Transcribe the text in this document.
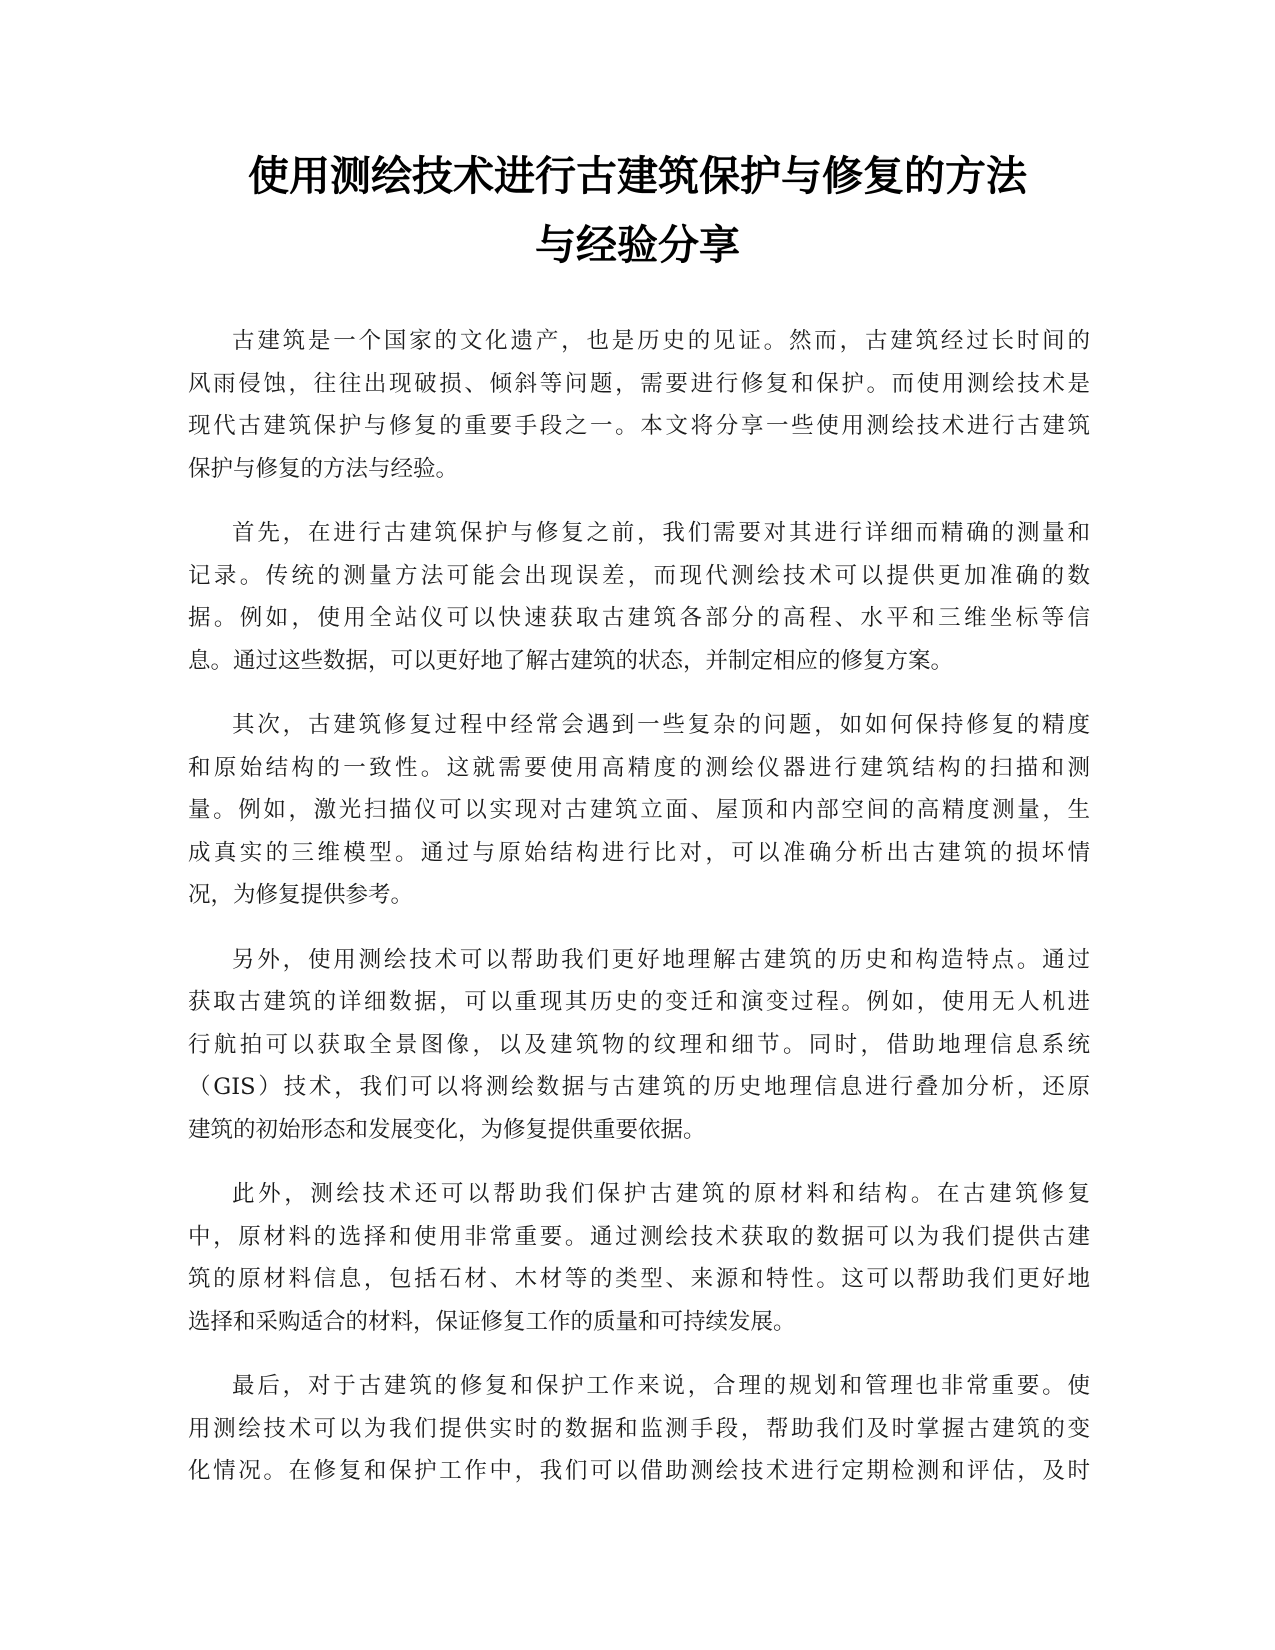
使用测绘技术进行古建筑保护与修复的方法
与经验分享

古建筑是一个国家的文化遗产，也是历史的见证。然而，古建筑经过长时间的
风雨侵蚀，往往出现破损、倾斜等问题，需要进行修复和保护。而使用测绘技术是
现代古建筑保护与修复的重要手段之一。本文将分享一些使用测绘技术进行古建筑
保护与修复的方法与经验。

首先，在进行古建筑保护与修复之前，我们需要对其进行详细而精确的测量和
记录。传统的测量方法可能会出现误差，而现代测绘技术可以提供更加准确的数
据。例如，使用全站仪可以快速获取古建筑各部分的高程、水平和三维坐标等信
息。通过这些数据，可以更好地了解古建筑的状态，并制定相应的修复方案。

其次，古建筑修复过程中经常会遇到一些复杂的问题，如如何保持修复的精度
和原始结构的一致性。这就需要使用高精度的测绘仪器进行建筑结构的扫描和测
量。例如，激光扫描仪可以实现对古建筑立面、屋顶和内部空间的高精度测量，生
成真实的三维模型。通过与原始结构进行比对，可以准确分析出古建筑的损坏情
况，为修复提供参考。

另外，使用测绘技术可以帮助我们更好地理解古建筑的历史和构造特点。通过
获取古建筑的详细数据，可以重现其历史的变迁和演变过程。例如，使用无人机进
行航拍可以获取全景图像，以及建筑物的纹理和细节。同时，借助地理信息系统
（GIS）技术，我们可以将测绘数据与古建筑的历史地理信息进行叠加分析，还原
建筑的初始形态和发展变化，为修复提供重要依据。

此外，测绘技术还可以帮助我们保护古建筑的原材料和结构。在古建筑修复
中，原材料的选择和使用非常重要。通过测绘技术获取的数据可以为我们提供古建
筑的原材料信息，包括石材、木材等的类型、来源和特性。这可以帮助我们更好地
选择和采购适合的材料，保证修复工作的质量和可持续发展。

最后，对于古建筑的修复和保护工作来说，合理的规划和管理也非常重要。使
用测绘技术可以为我们提供实时的数据和监测手段，帮助我们及时掌握古建筑的变
化情况。在修复和保护工作中，我们可以借助测绘技术进行定期检测和评估，及时
